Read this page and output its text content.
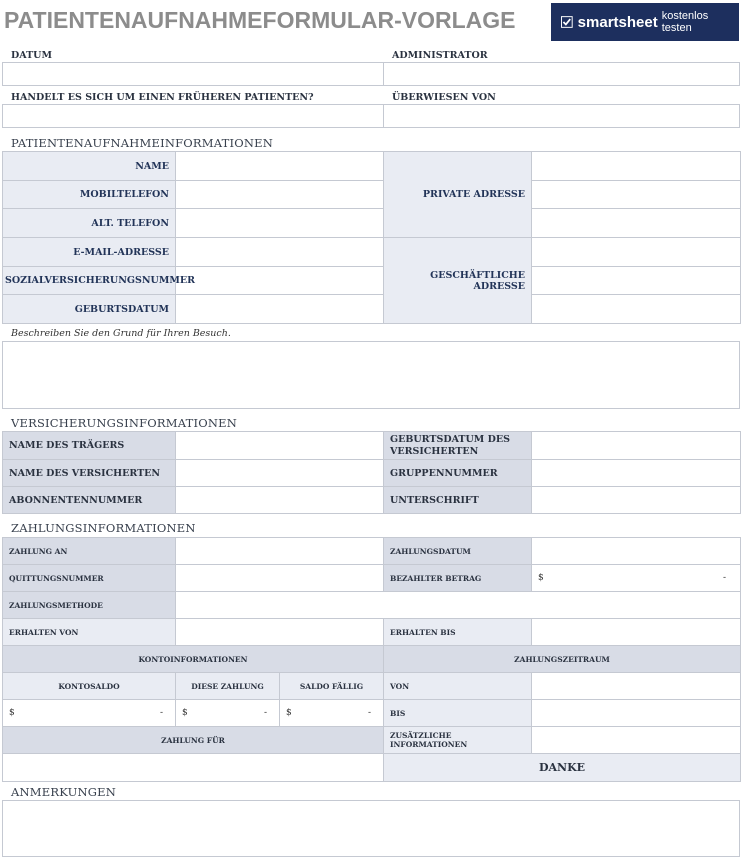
PATIENTENAUFNAHMEFORMULAR-VORLAGE	smartsheet kostenlos testen
DATUM	ADMINISTRATOR
HANDELT ES SICH UM EINEN FRÜHEREN PATIENTEN?	ÜBERWIESEN VON
PATIENTENAUFNAHMEINFORMATIONEN
NAME		PRIVATE ADRESSE	
MOBILTELEFON			
ALT. TELEFON			
E-MAIL-ADRESSE		GESCHÄFTLICHE ADRESSE	
SOZIALVERSICHERUNGSNUMMER			
GEBURTSDATUM			
Beschreiben Sie den Grund für Ihren Besuch.
VERSICHERUNGSINFORMATIONEN
NAME DES TRÄGERS		GEBURTSDATUM DES VERSICHERTEN	
NAME DES VERSICHERTEN		GRUPPENNUMMER	
ABONNENTENNUMMER		UNTERSCHRIFT	
ZAHLUNGSINFORMATIONEN
ZAHLUNG AN			ZAHLUNGSDATUM	
QUITTUNGSNUMMER			BEZAHLTER BETRAG	$ -

ZAHLUNGSMETHODE				
ERHALTEN VON			ERHALTEN BIS	
KONTOINFORMATIONEN			ZAHLUNGSZEITRAUM	
KONTOSALDO	DIESE ZAHLUNG	SALDO FÄLLIG	VON	

$ -	$ -	$ -	BIS	
ZAHLUNG FÜR			ZUSÄTZLICHE INFORMATIONEN	
			DANKE	
ANMERKUNGEN
